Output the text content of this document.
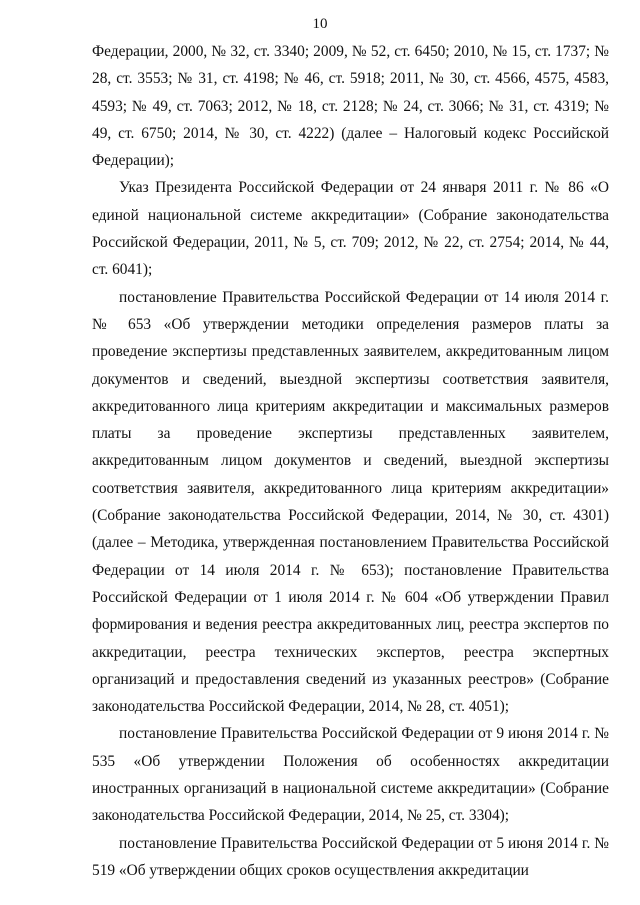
10

Федерации, 2000, № 32, ст. 3340; 2009, № 52, ст. 6450; 2010, № 15, ст. 1737; № 28, ст. 3553; № 31, ст. 4198; № 46, ст. 5918; 2011, № 30, ст. 4566, 4575, 4583, 4593; № 49, ст. 7063; 2012, № 18, ст. 2128; № 24, ст. 3066; № 31, ст. 4319; № 49, ст. 6750; 2014, № 30, ст. 4222) (далее – Налоговый кодекс Российской Федерации);

Указ Президента Российской Федерации от 24 января 2011 г. № 86 «О единой национальной системе аккредитации» (Собрание законодательства Российской Федерации, 2011, № 5, ст. 709; 2012, № 22, ст. 2754; 2014, № 44, ст. 6041);

постановление Правительства Российской Федерации от 14 июля 2014 г. № 653 «Об утверждении методики определения размеров платы за проведение экспертизы представленных заявителем, аккредитованным лицом документов и сведений, выездной экспертизы соответствия заявителя, аккредитованного лица критериям аккредитации и максимальных размеров платы за проведение экспертизы представленных заявителем, аккредитованным лицом документов и сведений, выездной экспертизы соответствия заявителя, аккредитованного лица критериям аккредитации» (Собрание законодательства Российской Федерации, 2014, № 30, ст. 4301) (далее – Методика, утвержденная постановлением Правительства Российской Федерации от 14 июля 2014 г. № 653); постановление Правительства Российской Федерации от 1 июля 2014 г. № 604 «Об утверждении Правил формирования и ведения реестра аккредитованных лиц, реестра экспертов по аккредитации, реестра технических экспертов, реестра экспертных организаций и предоставления сведений из указанных реестров» (Собрание законодательства Российской Федерации, 2014, № 28, ст. 4051);

постановление Правительства Российской Федерации от 9 июня 2014 г. № 535 «Об утверждении Положения об особенностях аккредитации иностранных организаций в национальной системе аккредитации» (Собрание законодательства Российской Федерации, 2014, № 25, ст. 3304);

постановление Правительства Российской Федерации от 5 июня 2014 г. № 519 «Об утверждении общих сроков осуществления аккредитации
